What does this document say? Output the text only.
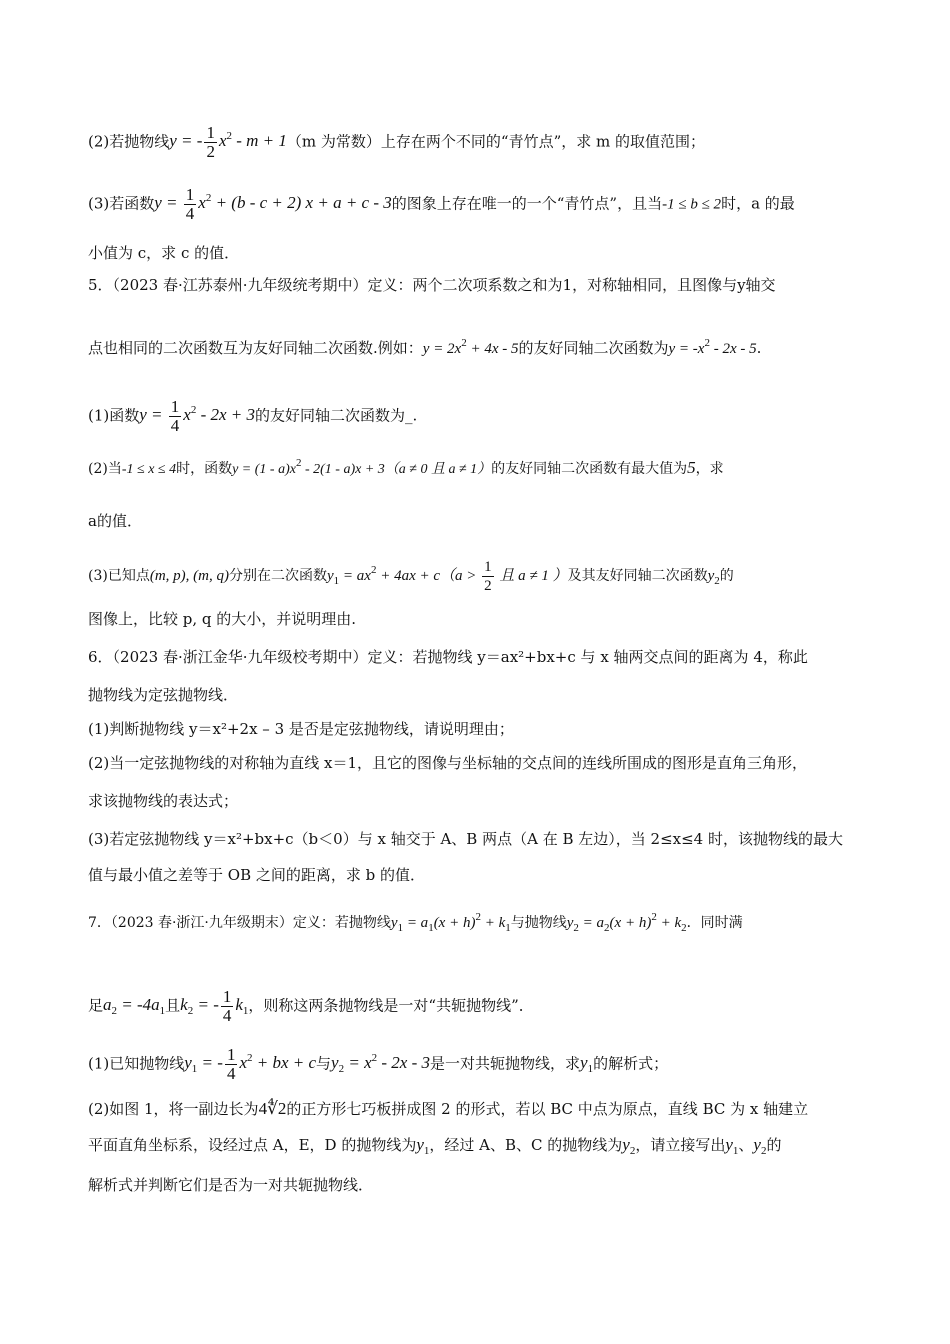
(2)若抛物线y = - $\frac{1}{2} x^2 - m + 1(m$ 为常数）上存在两个不同的“青竹点”，求 m 的取值范围；
(3)若函数$y = \frac{1}{4} x^2 + (b - c + 2) x + a + c - 3$的图象上存在唯一的一个“青竹点”，且当-1 ≤ b ≤ 2时，a 的最
小值为 c，求 c 的值．
5．（2023 春·江苏泰州·九年级统考期中）定义：两个二次项系数之和为1，对称轴相同，且图像与y轴交
点也相同的二次函数互为友好同轴二次函数.例如：$y = 2x^2 + 4x - 5$的友好同轴二次函数为$y = -x^2 - 2x - 5$.
(1)函数$y = \frac{1}{4} x^2 - 2x + 3$的友好同轴二次函数为_.
(2)当-1 ≤ x ≤ 4时，函数$y = (1 - a)x^2 - 2(1 - a)x + 3(a \ne 0$ 且 a ≠ 1）的友好同轴二次函数有最大值为5，求
a的值．
(3)已知点(m, p), (m, q)分别在二次函数$y_1 = ax^2 + 4ax + c(a > \frac{1}{2}$ 且 a ≠ 1 ）及其友好同轴二次函数$y_2$的
图像上，比较 p, q 的大小，并说明理由.
6．（2023 春·浙江金华·九年级校考期中）定义：若抛物线 y＝ax²+bx+c 与 x 轴两交点间的距离为 4，称此
抛物线为定弦抛物线．
(1)判断抛物线 y＝x²+2x – 3 是否是定弦抛物线，请说明理由；
(2)当一定弦抛物线的对称轴为直线 x＝1，且它的图像与坐标轴的交点间的连线所围成的图形是直角三角形，
求该抛物线的表达式；
(3)若定弦抛物线 y＝x²+bx+c（b＜0）与 x 轴交于 A、B 两点（A 在 B 左边），当 2≤x≤4 时，该抛物线的最大
值与最小值之差等于 OB 之间的距离，求 b 的值．
7．（2023 春·浙江·九年级期末）定义：若抛物线$y_1 = a_1(x + h)^2 + k_1$与抛物线$y_2 = a_2(x + h)^2 + k_2$．同时满
足$a_2 = -4a_1$且$k_2$ = - $\frac{1}{4} k_1$，则称这两条抛物线是一对“共轭抛物线”．
(1)已知抛物线$y_1$ = - $\frac{1}{4} x^2$ + bx + c与$y_2 = x^2 - 2x - 3$是一对共轭抛物线，求$y_1$的解析式；
(2)如图 1，将一副边长为4∜2的正方形七巧板拼成图 2 的形式，若以 BC 中点为原点，直线 BC 为 x 轴建立
平面直角坐标系，设经过点 A，E，D 的抛物线为$y_1$，经过 A、B、C 的抛物线为$y_2$，请立接写出$y_1$、$y_2$的
解析式并判断它们是否为一对共轭抛物线．
